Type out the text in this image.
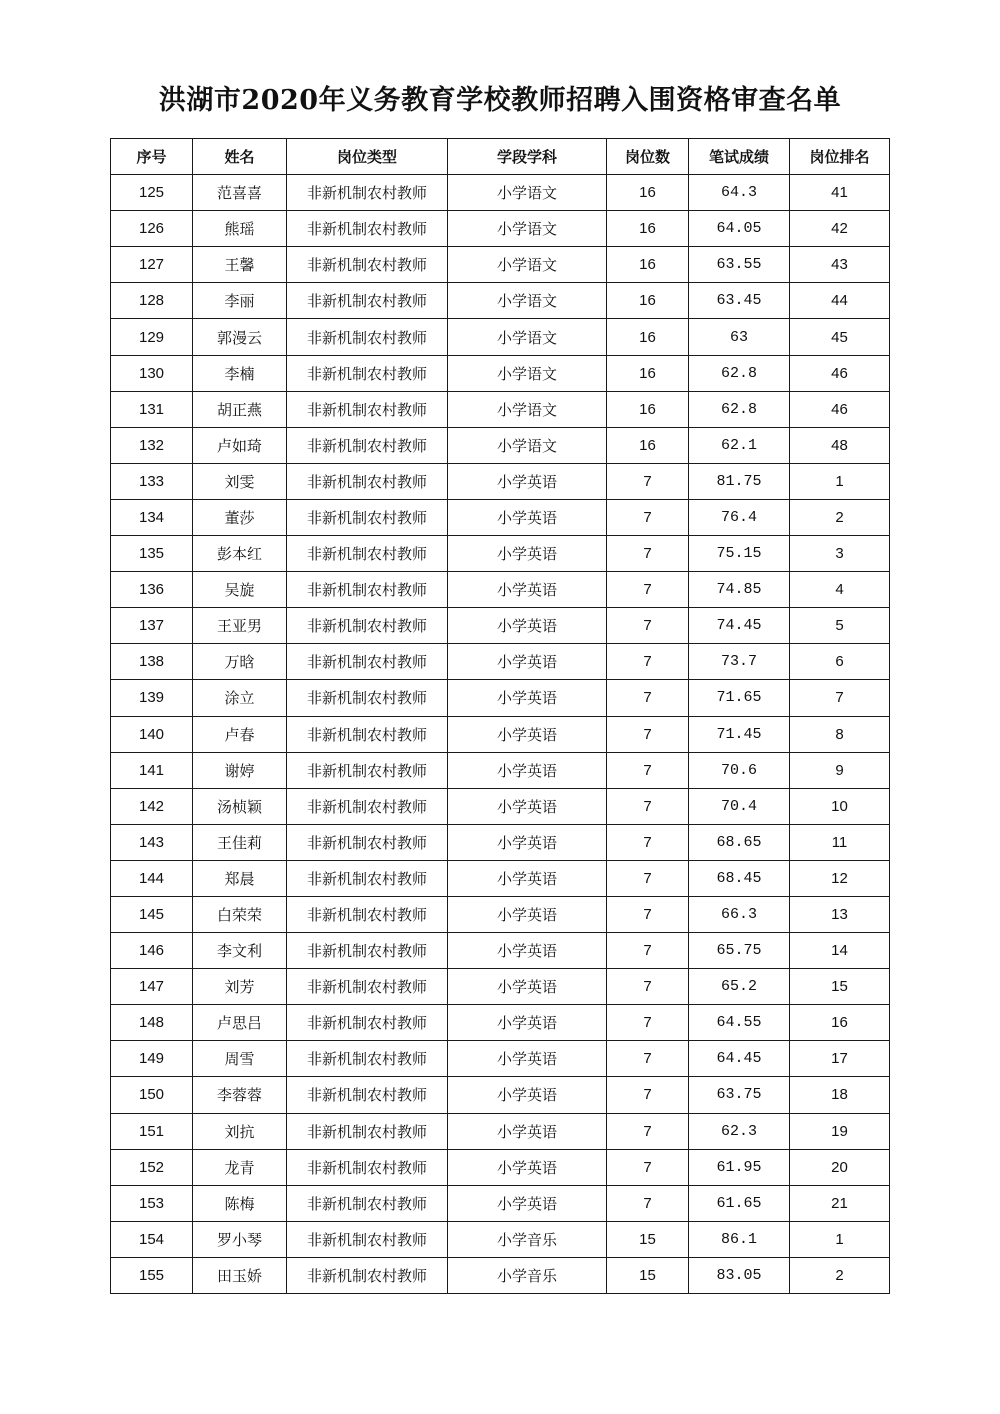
洪湖市2020年义务教育学校教师招聘入围资格审查名单
序号	姓名	岗位类型	学段学科	岗位数	笔试成绩	岗位排名
125	范喜喜	非新机制农村教师	小学语文	16	64.3	41
126	熊瑶	非新机制农村教师	小学语文	16	64.05	42
127	王馨	非新机制农村教师	小学语文	16	63.55	43
128	李丽	非新机制农村教师	小学语文	16	63.45	44
129	郭漫云	非新机制农村教师	小学语文	16	63	45
130	李楠	非新机制农村教师	小学语文	16	62.8	46
131	胡正燕	非新机制农村教师	小学语文	16	62.8	46
132	卢如琦	非新机制农村教师	小学语文	16	62.1	48
133	刘雯	非新机制农村教师	小学英语	7	81.75	1
134	董莎	非新机制农村教师	小学英语	7	76.4	2
135	彭本红	非新机制农村教师	小学英语	7	75.15	3
136	吴旋	非新机制农村教师	小学英语	7	74.85	4
137	王亚男	非新机制农村教师	小学英语	7	74.45	5
138	万晗	非新机制农村教师	小学英语	7	73.7	6
139	涂立	非新机制农村教师	小学英语	7	71.65	7
140	卢春	非新机制农村教师	小学英语	7	71.45	8
141	谢婷	非新机制农村教师	小学英语	7	70.6	9
142	汤桢颖	非新机制农村教师	小学英语	7	70.4	10
143	王佳莉	非新机制农村教师	小学英语	7	68.65	11
144	郑晨	非新机制农村教师	小学英语	7	68.45	12
145	白荣荣	非新机制农村教师	小学英语	7	66.3	13
146	李文利	非新机制农村教师	小学英语	7	65.75	14
147	刘芳	非新机制农村教师	小学英语	7	65.2	15
148	卢思吕	非新机制农村教师	小学英语	7	64.55	16
149	周雪	非新机制农村教师	小学英语	7	64.45	17
150	李蓉蓉	非新机制农村教师	小学英语	7	63.75	18
151	刘抗	非新机制农村教师	小学英语	7	62.3	19
152	龙青	非新机制农村教师	小学英语	7	61.95	20
153	陈梅	非新机制农村教师	小学英语	7	61.65	21
154	罗小琴	非新机制农村教师	小学音乐	15	86.1	1
155	田玉娇	非新机制农村教师	小学音乐	15	83.05	2
